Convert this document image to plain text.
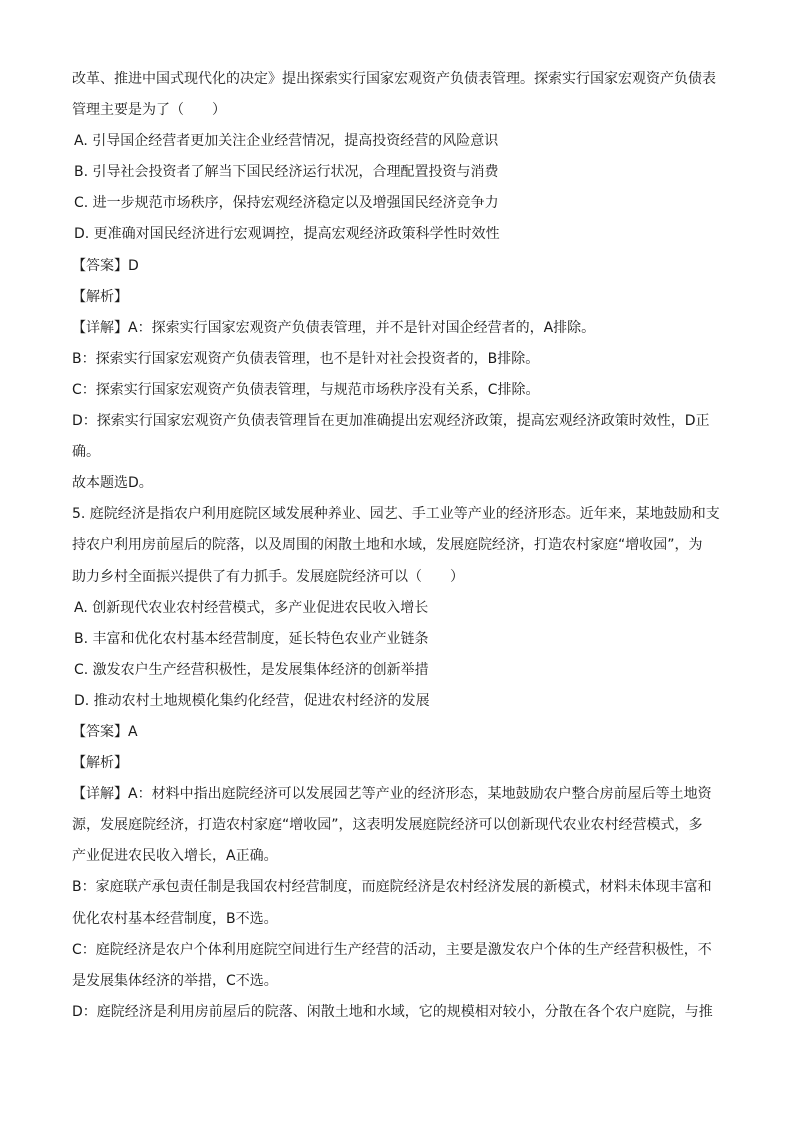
改革、推进中国式现代化的决定》提出探索实行国家宏观资产负债表管理。探索实行国家宏观资产负债表
管理主要是为了（　　）
A. 引导国企经营者更加关注企业经营情况，提高投资经营的风险意识
B. 引导社会投资者了解当下国民经济运行状况，合理配置投资与消费
C. 进一步规范市场秩序，保持宏观经济稳定以及增强国民经济竞争力
D. 更准确对国民经济进行宏观调控，提高宏观经济政策科学性时效性
【答案】D
【解析】
【详解】A：探索实行国家宏观资产负债表管理，并不是针对国企经营者的，A排除。
B：探索实行国家宏观资产负债表管理，也不是针对社会投资者的，B排除。
C：探索实行国家宏观资产负债表管理，与规范市场秩序没有关系，C排除。
D：探索实行国家宏观资产负债表管理旨在更加准确提出宏观经济政策，提高宏观经济政策时效性，D正
确。
故本题选D。
5. 庭院经济是指农户利用庭院区域发展种养业、园艺、手工业等产业的经济形态。近年来，某地鼓励和支
持农户利用房前屋后的院落，以及周围的闲散土地和水域，发展庭院经济，打造农村家庭“增收园”，为
助力乡村全面振兴提供了有力抓手。发展庭院经济可以（　　）
A. 创新现代农业农村经营模式，多产业促进农民收入增长
B. 丰富和优化农村基本经营制度，延长特色农业产业链条
C. 激发农户生产经营积极性，是发展集体经济的创新举措
D. 推动农村土地规模化集约化经营，促进农村经济的发展
【答案】A
【解析】
【详解】A：材料中指出庭院经济可以发展园艺等产业的经济形态，某地鼓励农户整合房前屋后等土地资
源，发展庭院经济，打造农村家庭“增收园”，这表明发展庭院经济可以创新现代农业农村经营模式，多
产业促进农民收入增长，A正确。
B：家庭联产承包责任制是我国农村经营制度，而庭院经济是农村经济发展的新模式，材料未体现丰富和
优化农村基本经营制度，B不选。
C：庭院经济是农户个体利用庭院空间进行生产经营的活动，主要是激发农户个体的生产经营积极性，不
是发展集体经济的举措，C不选。
D：庭院经济是利用房前屋后的院落、闲散土地和水域，它的规模相对较小，分散在各个农户庭院，与推
